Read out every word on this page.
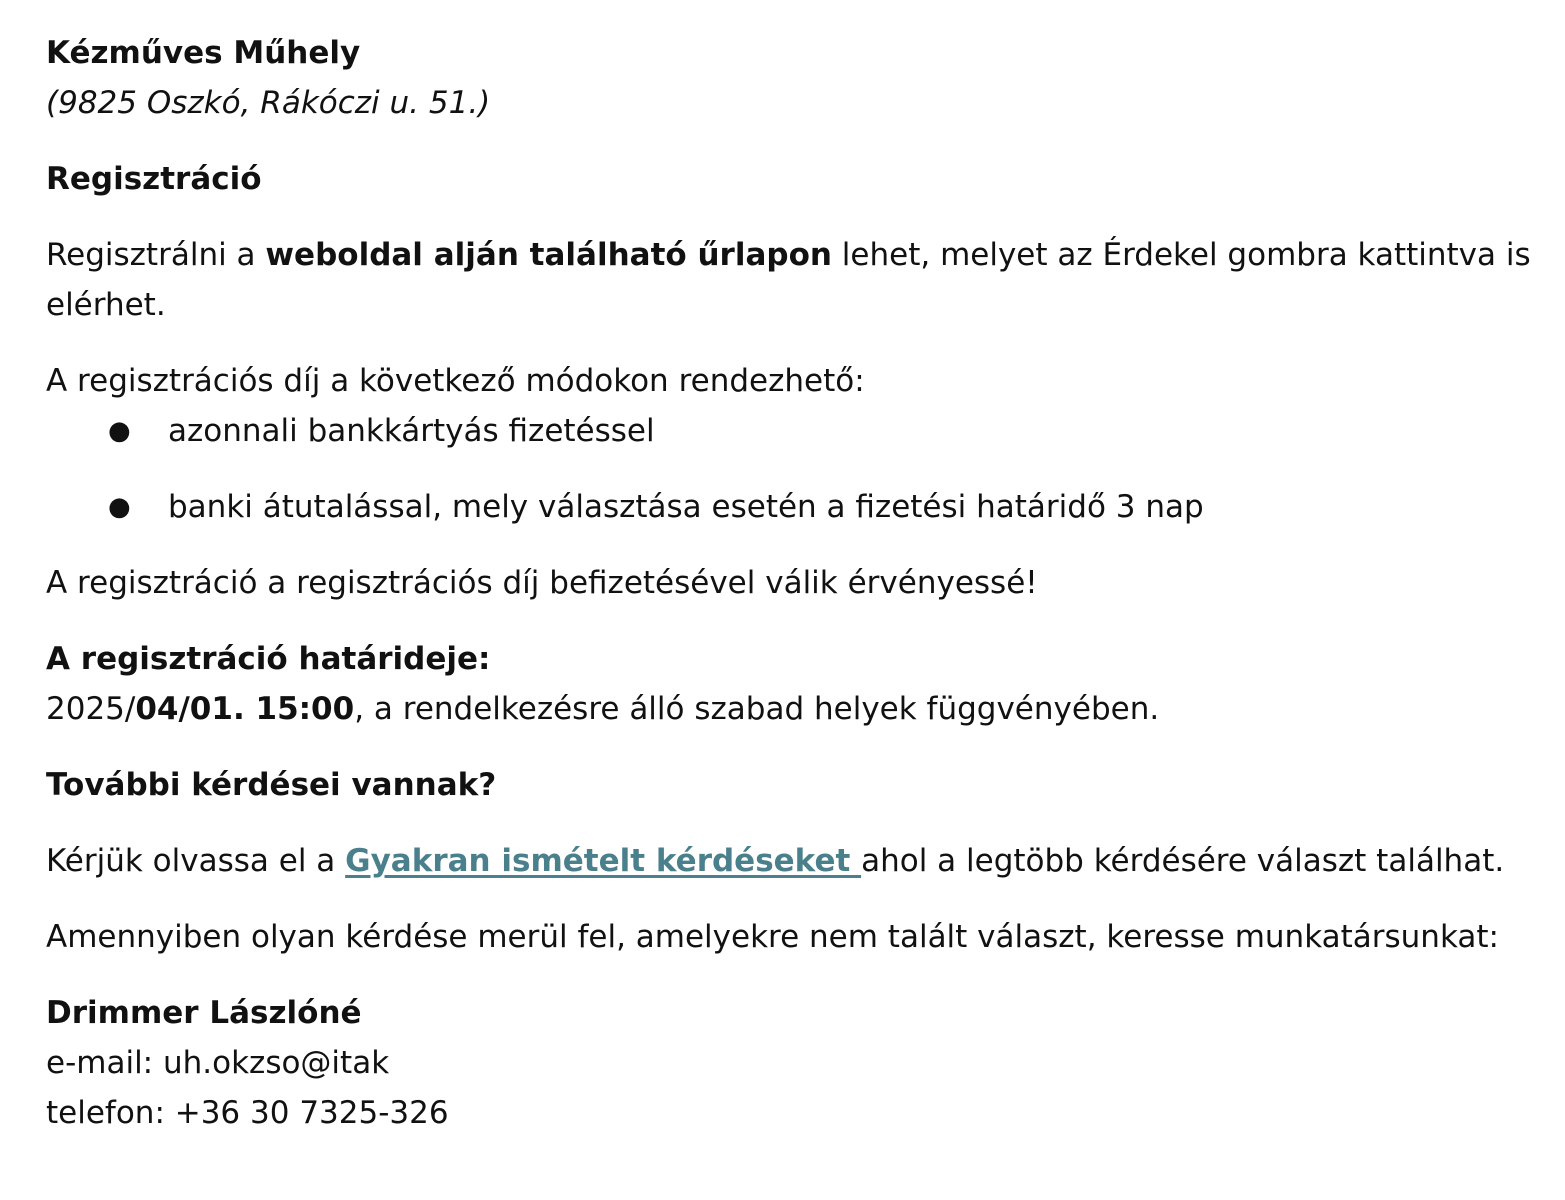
Kézműves Műhely
(9825 Oszkó, Rákóczi u. 51.)
Regisztráció
Regisztrálni a weboldal alján található űrlapon lehet, melyet az Érdekel gombra kattintva is
elérhet.
A regisztrációs díj a következő módokon rendezhető:
● azonnali bankkártyás fizetéssel
● banki átutalással, mely választása esetén a fizetési határidő 3 nap
A regisztráció a regisztrációs díj befizetésével válik érvényessé!
A regisztráció határideje:
2025/04/01. 15:00, a rendelkezésre álló szabad helyek függvényében.
További kérdései vannak?
Kérjük olvassa el a Gyakran ismételt kérdéseket ahol a legtöbb kérdésére választ találhat.
Amennyiben olyan kérdése merül fel, amelyekre nem talált választ, keresse munkatársunkat:
Drimmer Lászlóné
e-mail: uh.okzso@itak
telefon: +36 30 7325-326
